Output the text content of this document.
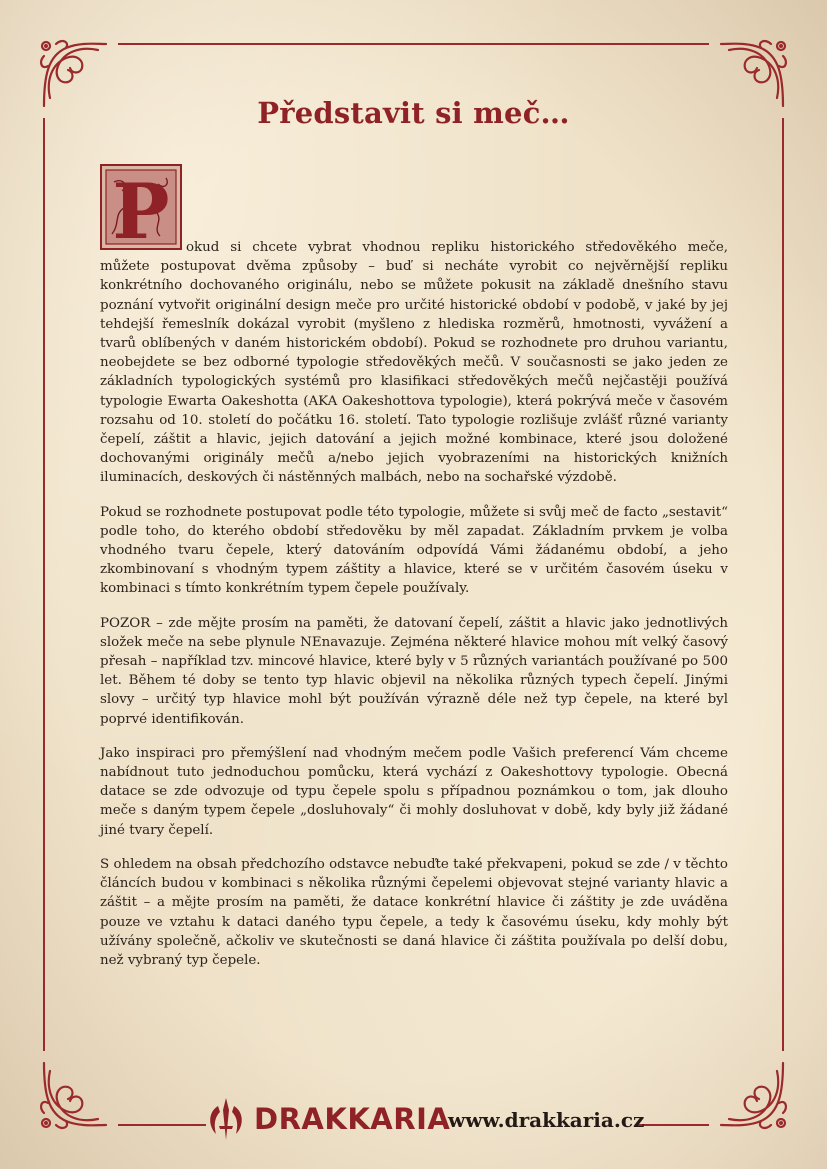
Představit si meč…
P	okud si chcete vybrat vhodnou repliku historického středověkého meče, můžete postupovat dvěma způsoby – buď si necháte vyrobit co nejvěrnější repliku konkrétního dochovaného originálu, nebo se můžete pokusit na základě dnešního stavu poznání vytvořit originální design meče pro určité historické období v podobě, v jaké by jej tehdejší řemeslník dokázal vyrobit (myšleno z hlediska rozměrů, hmotnosti, vyvážení a tvarů oblíbených v daném historickém období). Pokud se rozhodnete pro druhou variantu, neobejdete se bez odborné typologie středověkých mečů. V současnosti se jako jeden ze základních typologických systémů pro klasifikaci středověkých mečů nejčastěji používá typologie Ewarta Oakeshotta (AKA Oakeshottova typologie), která pokrývá meče v časovém rozsahu od 10. století do počátku 16. století. Tato typologie rozlišuje zvlášť různé varianty čepelí, záštit a hlavic, jejich datování a jejich možné kombinace, které jsou doložené dochovanými originály mečů a/nebo jejich vyobrazeními na historických knižních iluminacích, deskových či nástěnných malbách, nebo na sochařské výzdobě.

Pokud se rozhodnete postupovat podle této typologie, můžete si svůj meč de facto „sestavit“ podle toho, do kterého období středověku by měl zapadat. Základním prvkem je volba vhodného tvaru čepele, který datováním odpovídá Vámi žádanému období, a jeho zkombinovaní s vhodným typem záštity a hlavice, které se v určitém časovém úseku v kombinaci s tímto konkrétním typem čepele používaly.

POZOR – zde mějte prosím na paměti, že datovaní čepelí, záštit a hlavic jako jednotlivých složek meče na sebe plynule NEnavazuje. Zejména některé hlavice mohou mít velký časový přesah – například tzv. mincové hlavice, které byly v 5 různých variantách používané po 500 let. Během té doby se tento typ hlavic objevil na několika různých typech čepelí. Jinými slovy – určitý typ hlavice mohl být používán výrazně déle než typ čepele, na které byl poprvé identifikován.

Jako inspiraci pro přemýšlení nad vhodným mečem podle Vašich preferencí Vám chceme nabídnout tuto jednoduchou pomůcku, která vychází z Oakeshottovy typologie. Obecná datace se zde odvozuje od typu čepele spolu s případnou poznámkou o tom, jak dlouho meče s daným typem čepele „dosluhovaly“ či mohly dosluhovat v době, kdy byly již žádané jiné tvary čepelí.

S ohledem na obsah předchozího odstavce nebuďte také překvapeni, pokud se zde / v těchto článcích budou v kombinaci s několika různými čepelemi objevovat stejné varianty hlavic a záštit – a mějte prosím na paměti, že datace konkrétní hlavice či záštity je zde uváděna pouze ve vztahu k dataci daného typu čepele, a tedy k časovému úseku, kdy mohly být užívány společně, ačkoliv ve skutečnosti se daná hlavice či záštita používala po delší dobu, než vybraný typ čepele.

DRAKKARIA
www.drakkaria.cz
